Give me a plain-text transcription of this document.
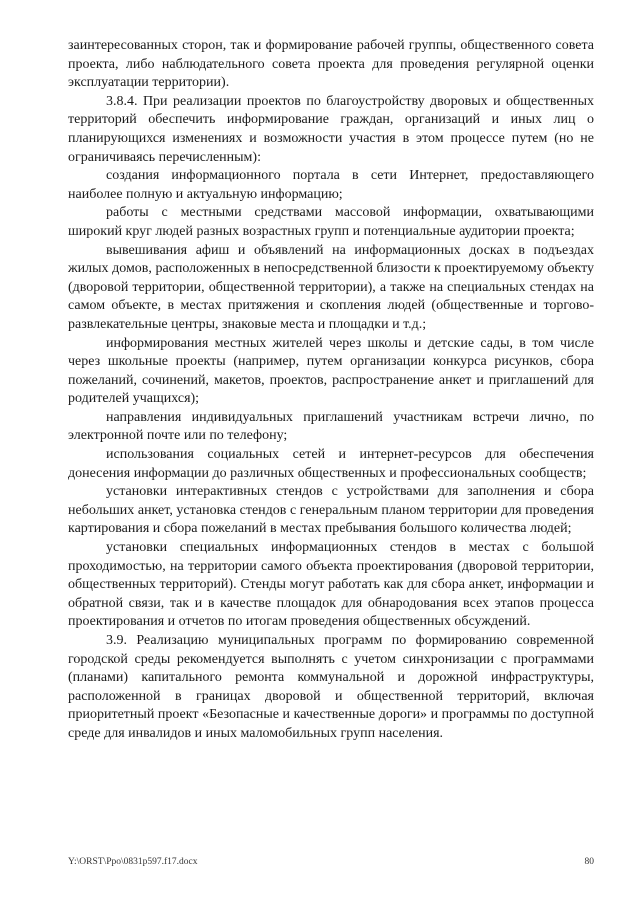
заинтересованных сторон, так и формирование рабочей группы, общественного совета проекта, либо наблюдательного совета проекта для проведения регулярной оценки эксплуатации территории).

3.8.4. При реализации проектов по благоустройству дворовых и общественных территорий обеспечить информирование граждан, организаций и иных лиц о планирующихся изменениях и возможности участия в этом процессе путем (но не ограничиваясь перечисленным):

создания информационного портала в сети Интернет, предоставляющего наиболее полную и актуальную информацию;

работы с местными средствами массовой информации, охватывающими широкий круг людей разных возрастных групп и потенциальные аудитории проекта;

вывешивания афиш и объявлений на информационных досках в подъездах жилых домов, расположенных в непосредственной близости к проектируемому объекту (дворовой территории, общественной территории), а также на специальных стендах на самом объекте, в местах притяжения и скопления людей (общественные и торгово-развлекательные центры, знаковые места и площадки и т.д.;

информирования местных жителей через школы и детские сады, в том числе через школьные проекты (например, путем организации конкурса рисунков, сбора пожеланий, сочинений, макетов, проектов, распространение анкет и приглашений для родителей учащихся);

направления индивидуальных приглашений участникам встречи лично, по электронной почте или по телефону;

использования социальных сетей и интернет-ресурсов для обеспечения донесения информации до различных общественных и профессиональных сообществ;

установки интерактивных стендов с устройствами для заполнения и сбора небольших анкет, установка стендов с генеральным планом территории для проведения картирования и сбора пожеланий в местах пребывания большого количества людей;

установки специальных информационных стендов в местах с большой проходимостью, на территории самого объекта проектирования (дворовой территории, общественных территорий). Стенды могут работать как для сбора анкет, информации и обратной связи, так и в качестве площадок для обнародования всех этапов процесса проектирования и отчетов по итогам проведения общественных обсуждений.

3.9. Реализацию муниципальных программ по формированию современной городской среды рекомендуется выполнять с учетом синхронизации с программами (планами) капитального ремонта коммунальной и дорожной инфраструктуры, расположенной в границах дворовой и общественной территорий, включая приоритетный проект «Безопасные и качественные дороги» и программы по доступной среде для инвалидов и иных маломобильных групп населения.

Y:\ORST\Ppo\0831p597.f17.docx	80
